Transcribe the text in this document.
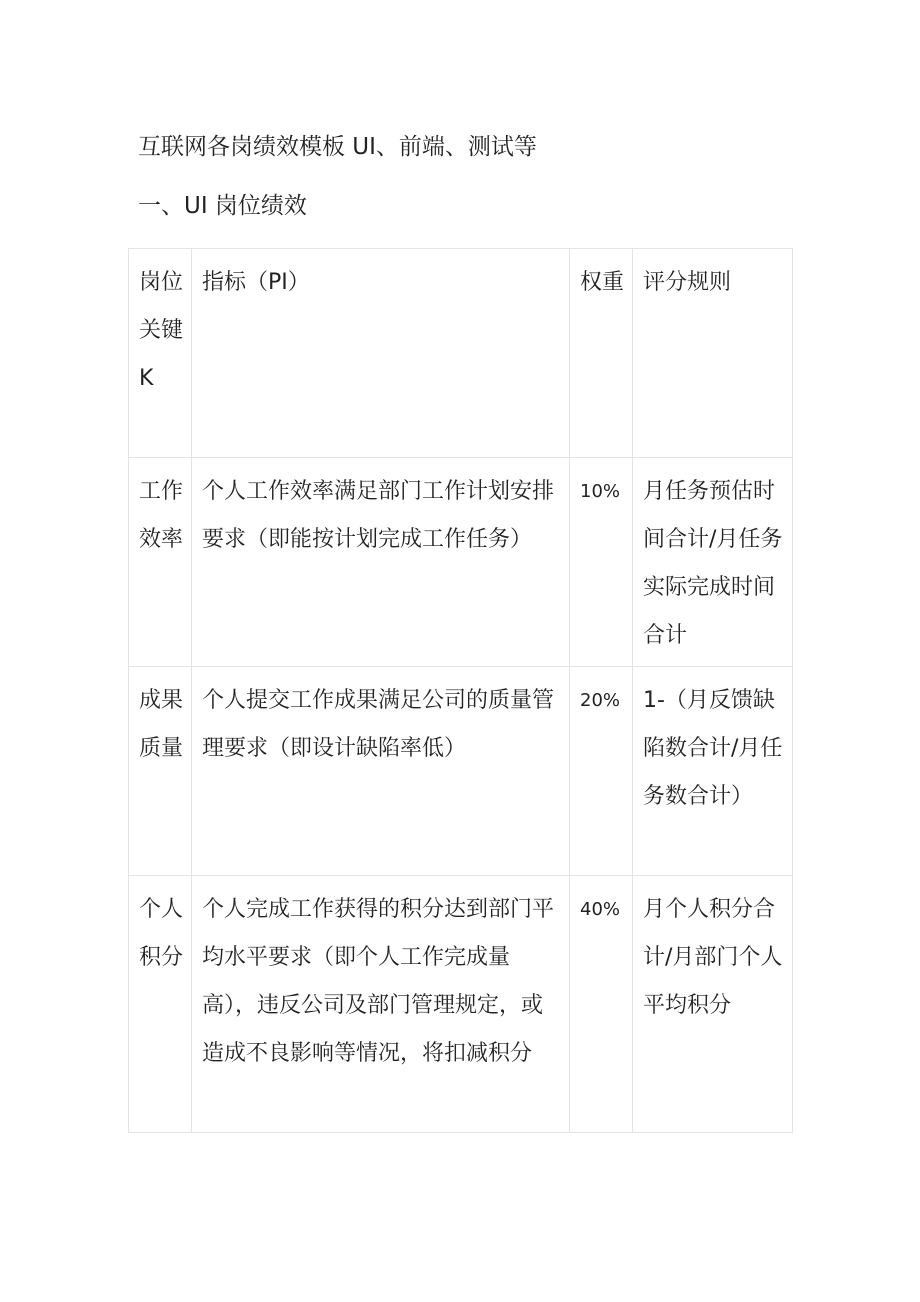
互联网各岗绩效模板 UI、前端、测试等
一、UI 岗位绩效
岗位关键 K	指标（PI）	权重	评分规则
工作效率	个人工作效率满足部门工作计划安排要求（即能按计划完成工作任务）	10%	月任务预估时间合计/月任务实际完成时间合计
成果质量	个人提交工作成果满足公司的质量管理要求（即设计缺陷率低）	20%	1-（月反馈缺陷数合计/月任务数合计）
个人积分	个人完成工作获得的积分达到部门平均水平要求（即个人工作完成量高），违反公司及部门管理规定，或造成不良影响等情况，将扣减积分	40%	月个人积分合计/月部门个人平均积分
